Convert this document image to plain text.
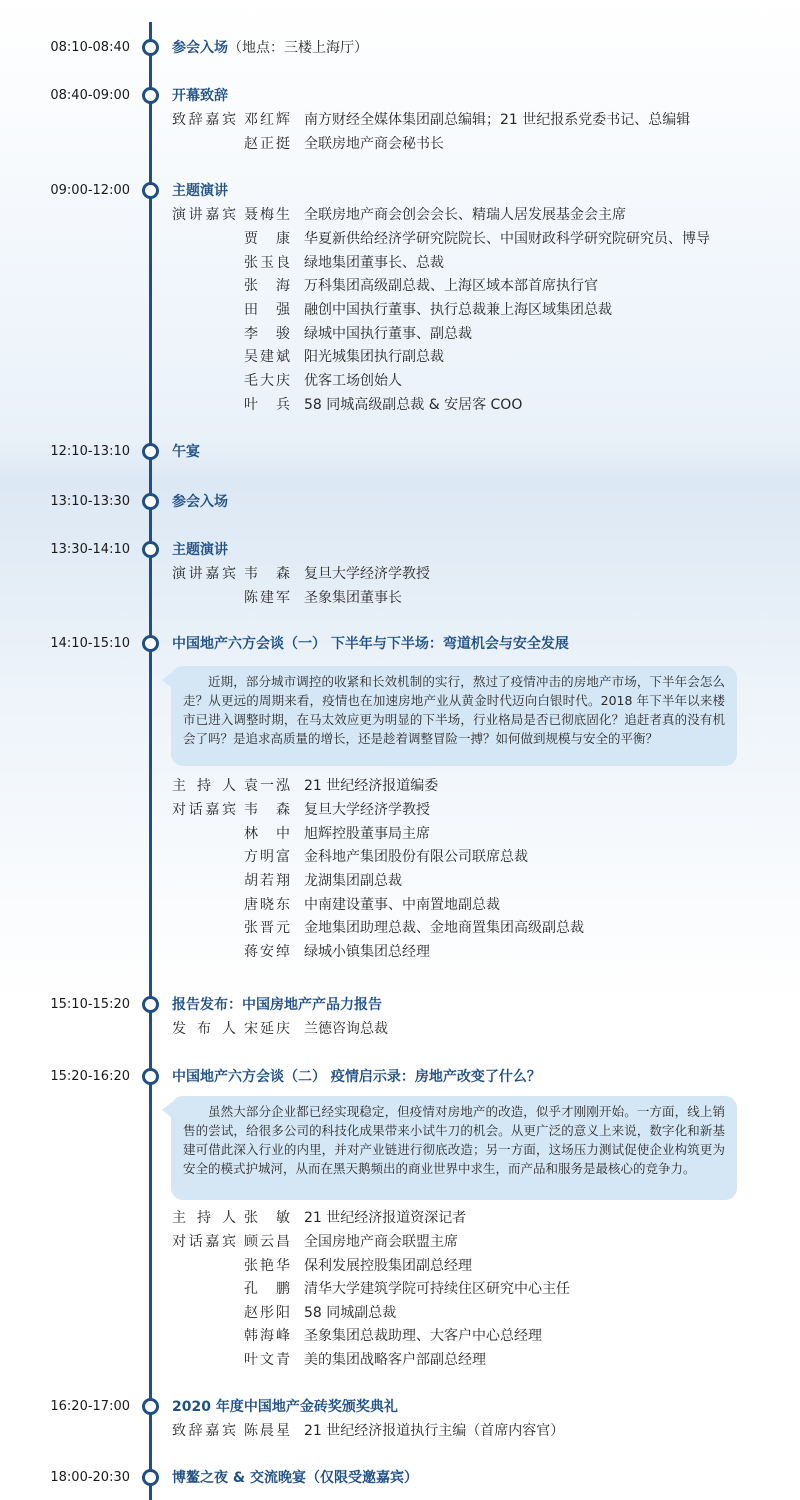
08:10-08:40	参会入场（地点：三楼上海厅）
08:40-09:00	开幕致辞
致辞嘉宾 邓红辉 南方财经全媒体集团副总编辑；21 世纪报系党委书记、总编辑
赵正挺 全联房地产商会秘书长
09:00-12:00	主题演讲
演讲嘉宾 聂梅生 全联房地产商会创会会长、精瑞人居发展基金会主席
贾　康 华夏新供给经济学研究院院长、中国财政科学研究院研究员、博导
张玉良 绿地集团董事长、总裁
张　海 万科集团高级副总裁、上海区域本部首席执行官
田　强 融创中国执行董事、执行总裁兼上海区域集团总裁
李　骏 绿城中国执行董事、副总裁
吴建斌 阳光城集团执行副总裁
毛大庆 优客工场创始人
叶　兵 58 同城高级副总裁 & 安居客 COO
12:10-13:10	午宴
13:10-13:30	参会入场
13:30-14:10	主题演讲
演讲嘉宾 韦　森 复旦大学经济学教授
陈建军 圣象集团董事长
14:10-15:10	中国地产六方会谈（一） 下半年与下半场：弯道机会与安全发展
近期，部分城市调控的收紧和长效机制的实行，熬过了疫情冲击的房地产市场，下半年会怎么走？从更远的周期来看，疫情也在加速房地产业从黄金时代迈向白银时代。2018 年下半年以来楼市已进入调整时期，在马太效应更为明显的下半场，行业格局是否已彻底固化？追赶者真的没有机会了吗？是追求高质量的增长，还是趁着调整冒险一搏？如何做到规模与安全的平衡？
主 持 人 袁一泓 21 世纪经济报道编委
对话嘉宾 韦　森 复旦大学经济学教授
林　中 旭辉控股董事局主席
方明富 金科地产集团股份有限公司联席总裁
胡若翔 龙湖集团副总裁
唐晓东 中南建设董事、中南置地副总裁
张晋元 金地集团助理总裁、金地商置集团高级副总裁
蒋安绰 绿城小镇集团总经理
15:10-15:20	报告发布：中国房地产产品力报告
发 布 人 宋延庆 兰德咨询总裁
15:20-16:20	中国地产六方会谈（二） 疫情启示录：房地产改变了什么？
虽然大部分企业都已经实现稳定，但疫情对房地产的改造，似乎才刚刚开始。一方面，线上销售的尝试，给很多公司的科技化成果带来小试牛刀的机会。从更广泛的意义上来说，数字化和新基建可借此深入行业的内里，并对产业链进行彻底改造；另一方面，这场压力测试促使企业构筑更为安全的模式护城河，从而在黑天鹅频出的商业世界中求生，而产品和服务是最核心的竞争力。
主 持 人 张　敏 21 世纪经济报道资深记者
对话嘉宾 顾云昌 全国房地产商会联盟主席
张艳华 保利发展控股集团副总经理
孔　鹏 清华大学建筑学院可持续住区研究中心主任
赵彤阳 58 同城副总裁
韩海峰 圣象集团总裁助理、大客户中心总经理
叶文青 美的集团战略客户部副总经理
16:20-17:00	2020 年度中国地产金砖奖颁奖典礼
致辞嘉宾 陈晨星 21 世纪经济报道执行主编（首席内容官）
18:00-20:30	博鳌之夜 & 交流晚宴（仅限受邀嘉宾）
